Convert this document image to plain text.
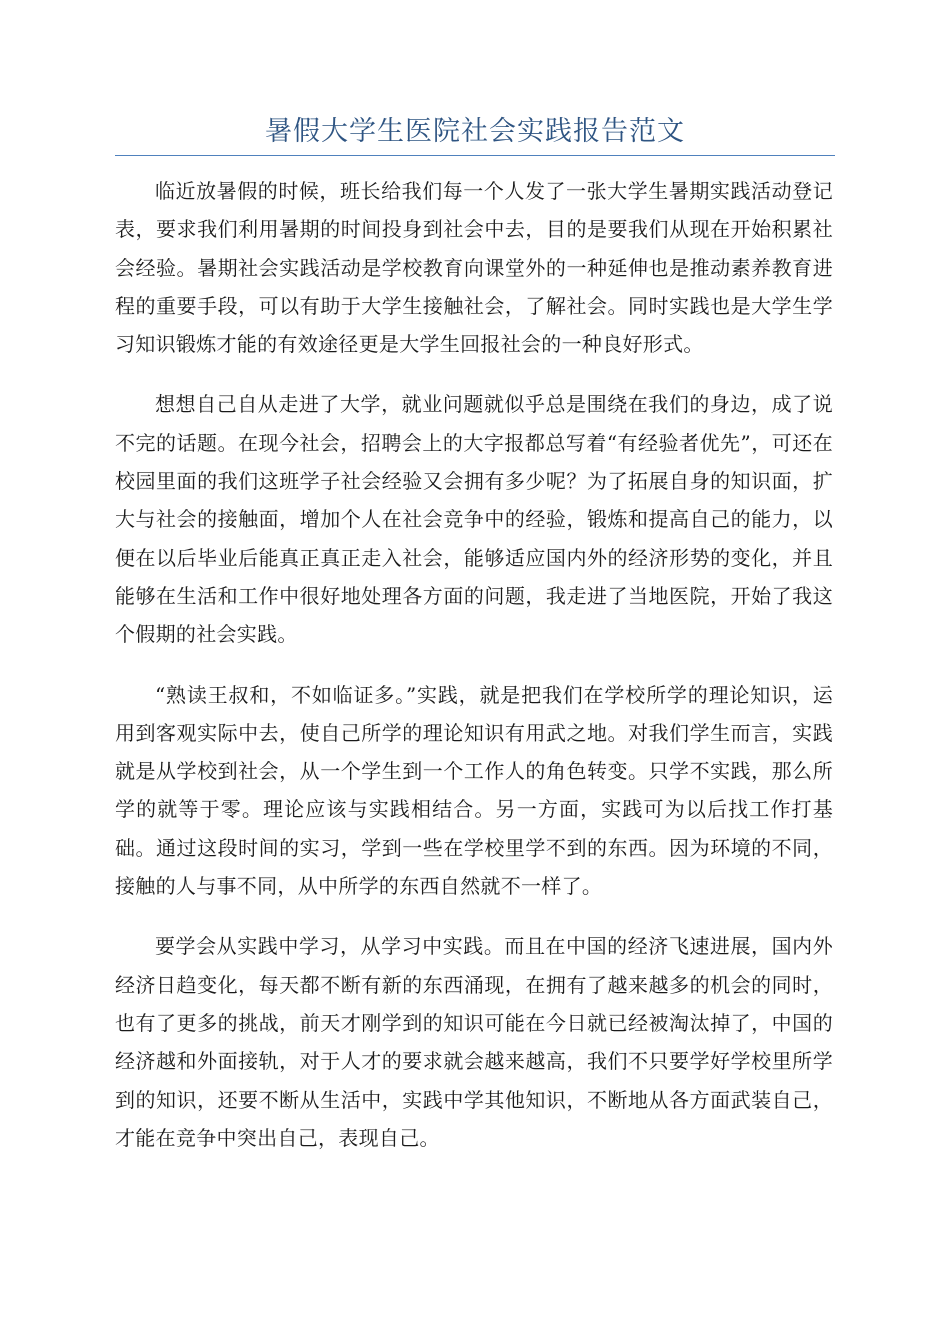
暑假大学生医院社会实践报告范文

临近放暑假的时候，班长给我们每一个人发了一张大学生暑期实践活动登记表，要求我们利用暑期的时间投身到社会中去，目的是要我们从现在开始积累社会经验。暑期社会实践活动是学校教育向课堂外的一种延伸也是推动素养教育进程的重要手段，可以有助于大学生接触社会，了解社会。同时实践也是大学生学习知识锻炼才能的有效途径更是大学生回报社会的一种良好形式。

想想自己自从走进了大学，就业问题就似乎总是围绕在我们的身边，成了说不完的话题。在现今社会，招聘会上的大字报都总写着“有经验者优先”，可还在校园里面的我们这班学子社会经验又会拥有多少呢？为了拓展自身的知识面，扩大与社会的接触面，增加个人在社会竞争中的经验，锻炼和提高自己的能力，以便在以后毕业后能真正真正走入社会，能够适应国内外的经济形势的变化，并且能够在生活和工作中很好地处理各方面的问题，我走进了当地医院，开始了我这个假期的社会实践。

“熟读王叔和，不如临证多。”实践，就是把我们在学校所学的理论知识，运用到客观实际中去，使自己所学的理论知识有用武之地。对我们学生而言，实践就是从学校到社会，从一个学生到一个工作人的角色转变。只学不实践，那么所学的就等于零。理论应该与实践相结合。另一方面，实践可为以后找工作打基础。通过这段时间的实习，学到一些在学校里学不到的东西。因为环境的不同，接触的人与事不同，从中所学的东西自然就不一样了。

要学会从实践中学习，从学习中实践。而且在中国的经济飞速进展，国内外经济日趋变化，每天都不断有新的东西涌现，在拥有了越来越多的机会的同时，也有了更多的挑战，前天才刚学到的知识可能在今日就已经被淘汰掉了，中国的经济越和外面接轨，对于人才的要求就会越来越高，我们不只要学好学校里所学到的知识，还要不断从生活中，实践中学其他知识，不断地从各方面武装自己，才能在竞争中突出自己，表现自己。
